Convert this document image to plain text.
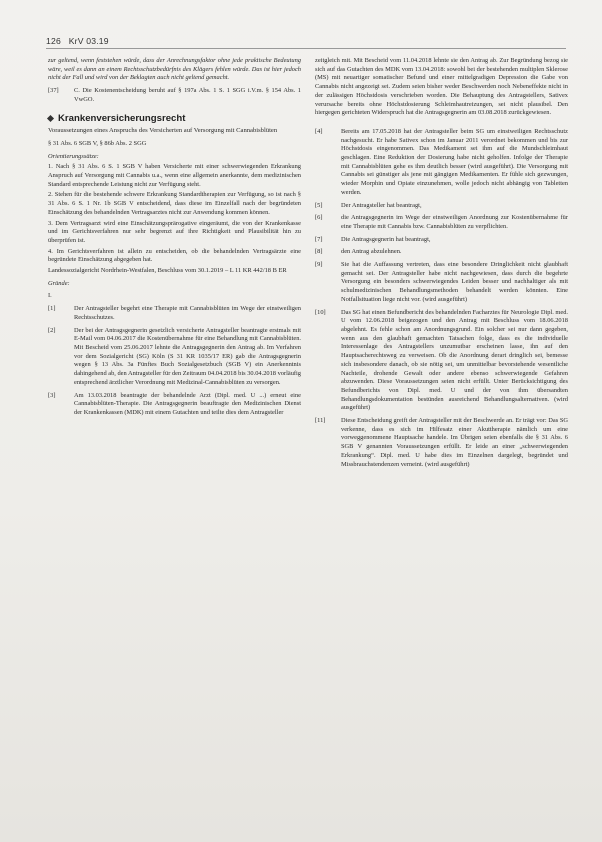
126 KrV 03.19

zur geltend, wenn feststehen würde, dass der Anrechnungsfaktor ohne jede praktische Bedeutung wäre, weil es dann an einem Rechtsschutzbedürfnis des Klägers fehlen würde. Das ist hier jedoch nicht der Fall und wird von der Beklagten auch nicht geltend gemacht.

[37]	C. Die Kostenentscheidung beruht auf § 197a Abs. 1 S. 1 SGG i.V.m. § 154 Abs. 1 VwGO.
Krankenversicherungsrecht

Voraussetzungen eines Anspruchs des Versicherten auf Versorgung mit Cannabisblüten

§ 31 Abs. 6 SGB V, § 86b Abs. 2 SGG

Orientierungssätze:

1. Nach § 31 Abs. 6 S. 1 SGB V haben Versicherte mit einer schwerwiegenden Erkrankung Anspruch auf Versorgung mit Cannabis u.a., wenn eine allgemein anerkannte, dem medizinischen Standard entsprechende Leistung nicht zur Verfügung steht.

2. Stehen für die bestehende schwere Erkrankung Standardtherapien zur Verfügung, so ist nach § 31 Abs. 6 S. 1 Nr. 1b SGB V entscheidend, dass diese im Einzelfall nach der begründeten Einschätzung des behandelnden Vertragsarztes nicht zur Anwendung kommen können.

3. Dem Vertragsarzt wird eine Einschätzungsprärogative eingeräumt, die von der Krankenkasse und im Gerichtsverfahren nur sehr begrenzt auf ihre Richtigkeit und Plausibilität hin zu überprüfen ist.

4. Im Gerichtsverfahren ist allein zu entscheiden, ob die behandelnden Vertragsärzte eine begründete Einschätzung abgegeben hat.

Landessozialgericht Nordrhein-Westfalen, Beschluss vom 30.1.2019 – L 11 KR 442/18 B ER

Gründe:

I.

[1]	Der Antragsteller begehrt eine Therapie mit Cannabisblüten im Wege der einstweiligen Rechtsschutzes.
[2]	Der bei der Antragsgegnerin gesetzlich versicherte Antragsteller beantragte erstmals mit E-Mail vom 04.06.2017 die Kostenübernahme für eine Behandlung mit Cannabisblüten. Mit Bescheid vom 25.06.2017 lehnte die Antragsgegnerin den Antrag ab. Im Verfahren vor dem Sozialgericht (SG) Köln (S 31 KR 1035/17 ER) gab die Antragsgegnerin wegen § 13 Abs. 3a Fünftes Buch Sozialgesetzbuch (SGB V) ein Anerkenntnis dahingehend ab, den Antragsteller für den Zeitraum 04.04.2018 bis 30.04.2018 vorläufig entsprechend ärztlicher Verordnung mit Medizinal-Cannabisblüten zu versorgen.
[3]	Am 13.03.2018 beantragte der behandelnde Arzt (Dipl. med. U ...) erneut eine Cannabisblüten-Therapie. Die Antragsgegnerin beauftragte den Medizinischen Dienst der Krankenkassen (MDK) mit einem Gutachten und teilte dies dem Antragsteller

zeitgleich mit. Mit Bescheid vom 11.04.2018 lehnte sie den Antrag ab. Zur Begründung bezog sie sich auf das Gutachten des MDK vom 13.04.2018: sowohl bei der bestehenden multiplen Sklerose (MS) mit neuartiger somatischer Befund und einer mittelgradigen Depression die Gabe von Cannabis nicht angezeigt sei. Zudem seien bisher weder Beschwerden noch Nebeneffekte nicht in der zulässigen Höchstdosis verschrieben worden. Die Behauptung des Antragstellers, Sativex verursache bereits ohne Höchstdosierung Schleimhautreizungen, sei nicht plausibel. Den hiergegen gerichteten Widerspruch hat die Antragsgegnerin am 03.08.2018 zurückgewiesen.

[4]	Bereits am 17.05.2018 hat der Antragsteller beim SG um einstweiligen Rechtsschutz nachgesucht. Er habe Sativex schon im Januar 2011 verordnet bekommen und bis zur Höchstdosis eingenommen. Das Medikament sei ihm auf die Mundschleimhaut geschlagen. Eine Reduktion der Dosierung habe nicht geholfen. Infolge der Therapie mit Cannabisblüten gehe es ihm deutlich besser (wird ausgeführt). Die Versorgung mit Cannabis sei günstiger als jene mit gängigen Medikamenten. Er fühle sich gezwungen, wieder Morphin und Opiate einzunehmen, wolle jedoch nicht abhängig von Tabletten werden.
[5]	Der Antragsteller hat beantragt,
[6]	die Antragsgegnerin im Wege der einstweiligen Anordnung zur Kostenübernahme für eine Therapie mit Cannabis bzw. Cannabisblüten zu verpflichten.
[7]	Die Antragsgegnerin hat beantragt,
[8]	den Antrag abzulehnen.
[9]	Sie hat die Auffassung vertreten, dass eine besondere Dringlichkeit nicht glaubhaft gemacht sei. Der Antragsteller habe nicht nachgewiesen, dass durch die begehrte Versorgung ein besonders schwerwiegendes Leiden besser und nachhaltiger als mit schulmedizinischen Behandlungsmethoden behandelt werden könnten. Eine Notfallsituation liege nicht vor. (wird ausgeführt)
[10]	Das SG hat einen Befundbericht des behandelnden Facharztes für Neurologie Dipl. med. U vom 12.06.2018 beigezogen und den Antrag mit Beschluss vom 18.06.2018 abgelehnt. Es fehle schon am Anordnungsgrund. Ein solcher sei nur dann gegeben, wenn aus den glaubhaft gemachten Tatsachen folge, dass es die individuelle Interessenlage des Antragstellers unzumutbar erscheinen lasse, ihn auf den Hauptsacherechtsweg zu verweisen. Ob die Anordnung derart dringlich sei, bemesse sich insbesondere danach, ob sie nötig sei, um unmittelbar bevorstehende wesentliche Nachteile, drohende Gewalt oder andere ebenso schwerwiegende Gefahren abzuwenden. Diese Voraussetzungen seien nicht erfüllt. Unter Berücksichtigung des Befundberichts von Dipl. med. U und der von ihm übersandten Behandlungsdokumentation bestünden ausreichend Behandlungsalternativen. (wird ausgeführt)
[11]	Diese Entscheidung greift der Antragsteller mit der Beschwerde an. Er trägt vor: Das SG verkenne, dass es sich im Hilfesatz einer Akuttherapie nämlich um eine vorweggenommene Hauptsache handele. Im Übrigen seien ebenfalls die § 31 Abs. 6 SGB V genannten Voraussetzungen erfüllt. Er leide an einer „schwerwiegenden Erkrankung“. Dipl. med. U habe dies im Einzelnen dargelegt, begründet und Missbrauchstendenzen verneint. (wird ausgeführt)
